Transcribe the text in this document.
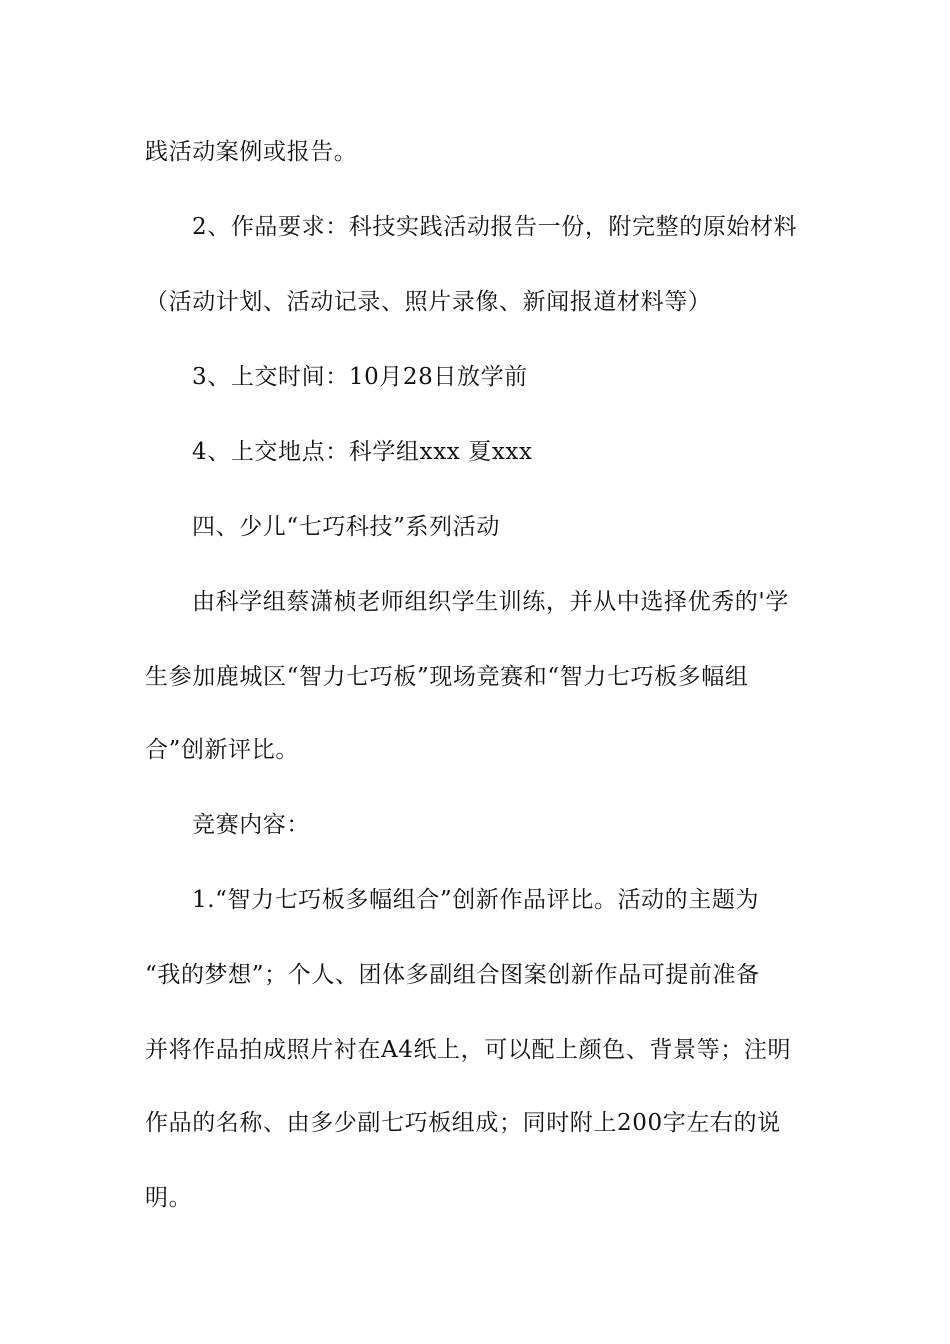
践活动案例或报告。
2、作品要求：科技实践活动报告一份，附完整的原始材料
（活动计划、活动记录、照片录像、新闻报道材料等）
3、上交时间：10月28日放学前
4、上交地点：科学组xxx 夏xxx
四、少儿“七巧科技”系列活动
由科学组蔡潇桢老师组织学生训练，并从中选择优秀的'学
生参加鹿城区“智力七巧板”现场竞赛和“智力七巧板多幅组
合”创新评比。
竞赛内容：
1.“智力七巧板多幅组合”创新作品评比。活动的主题为
“我的梦想”；个人、团体多副组合图案创新作品可提前准备
并将作品拍成照片衬在A4纸上，可以配上颜色、背景等；注明
作品的名称、由多少副七巧板组成；同时附上200字左右的说
明。
